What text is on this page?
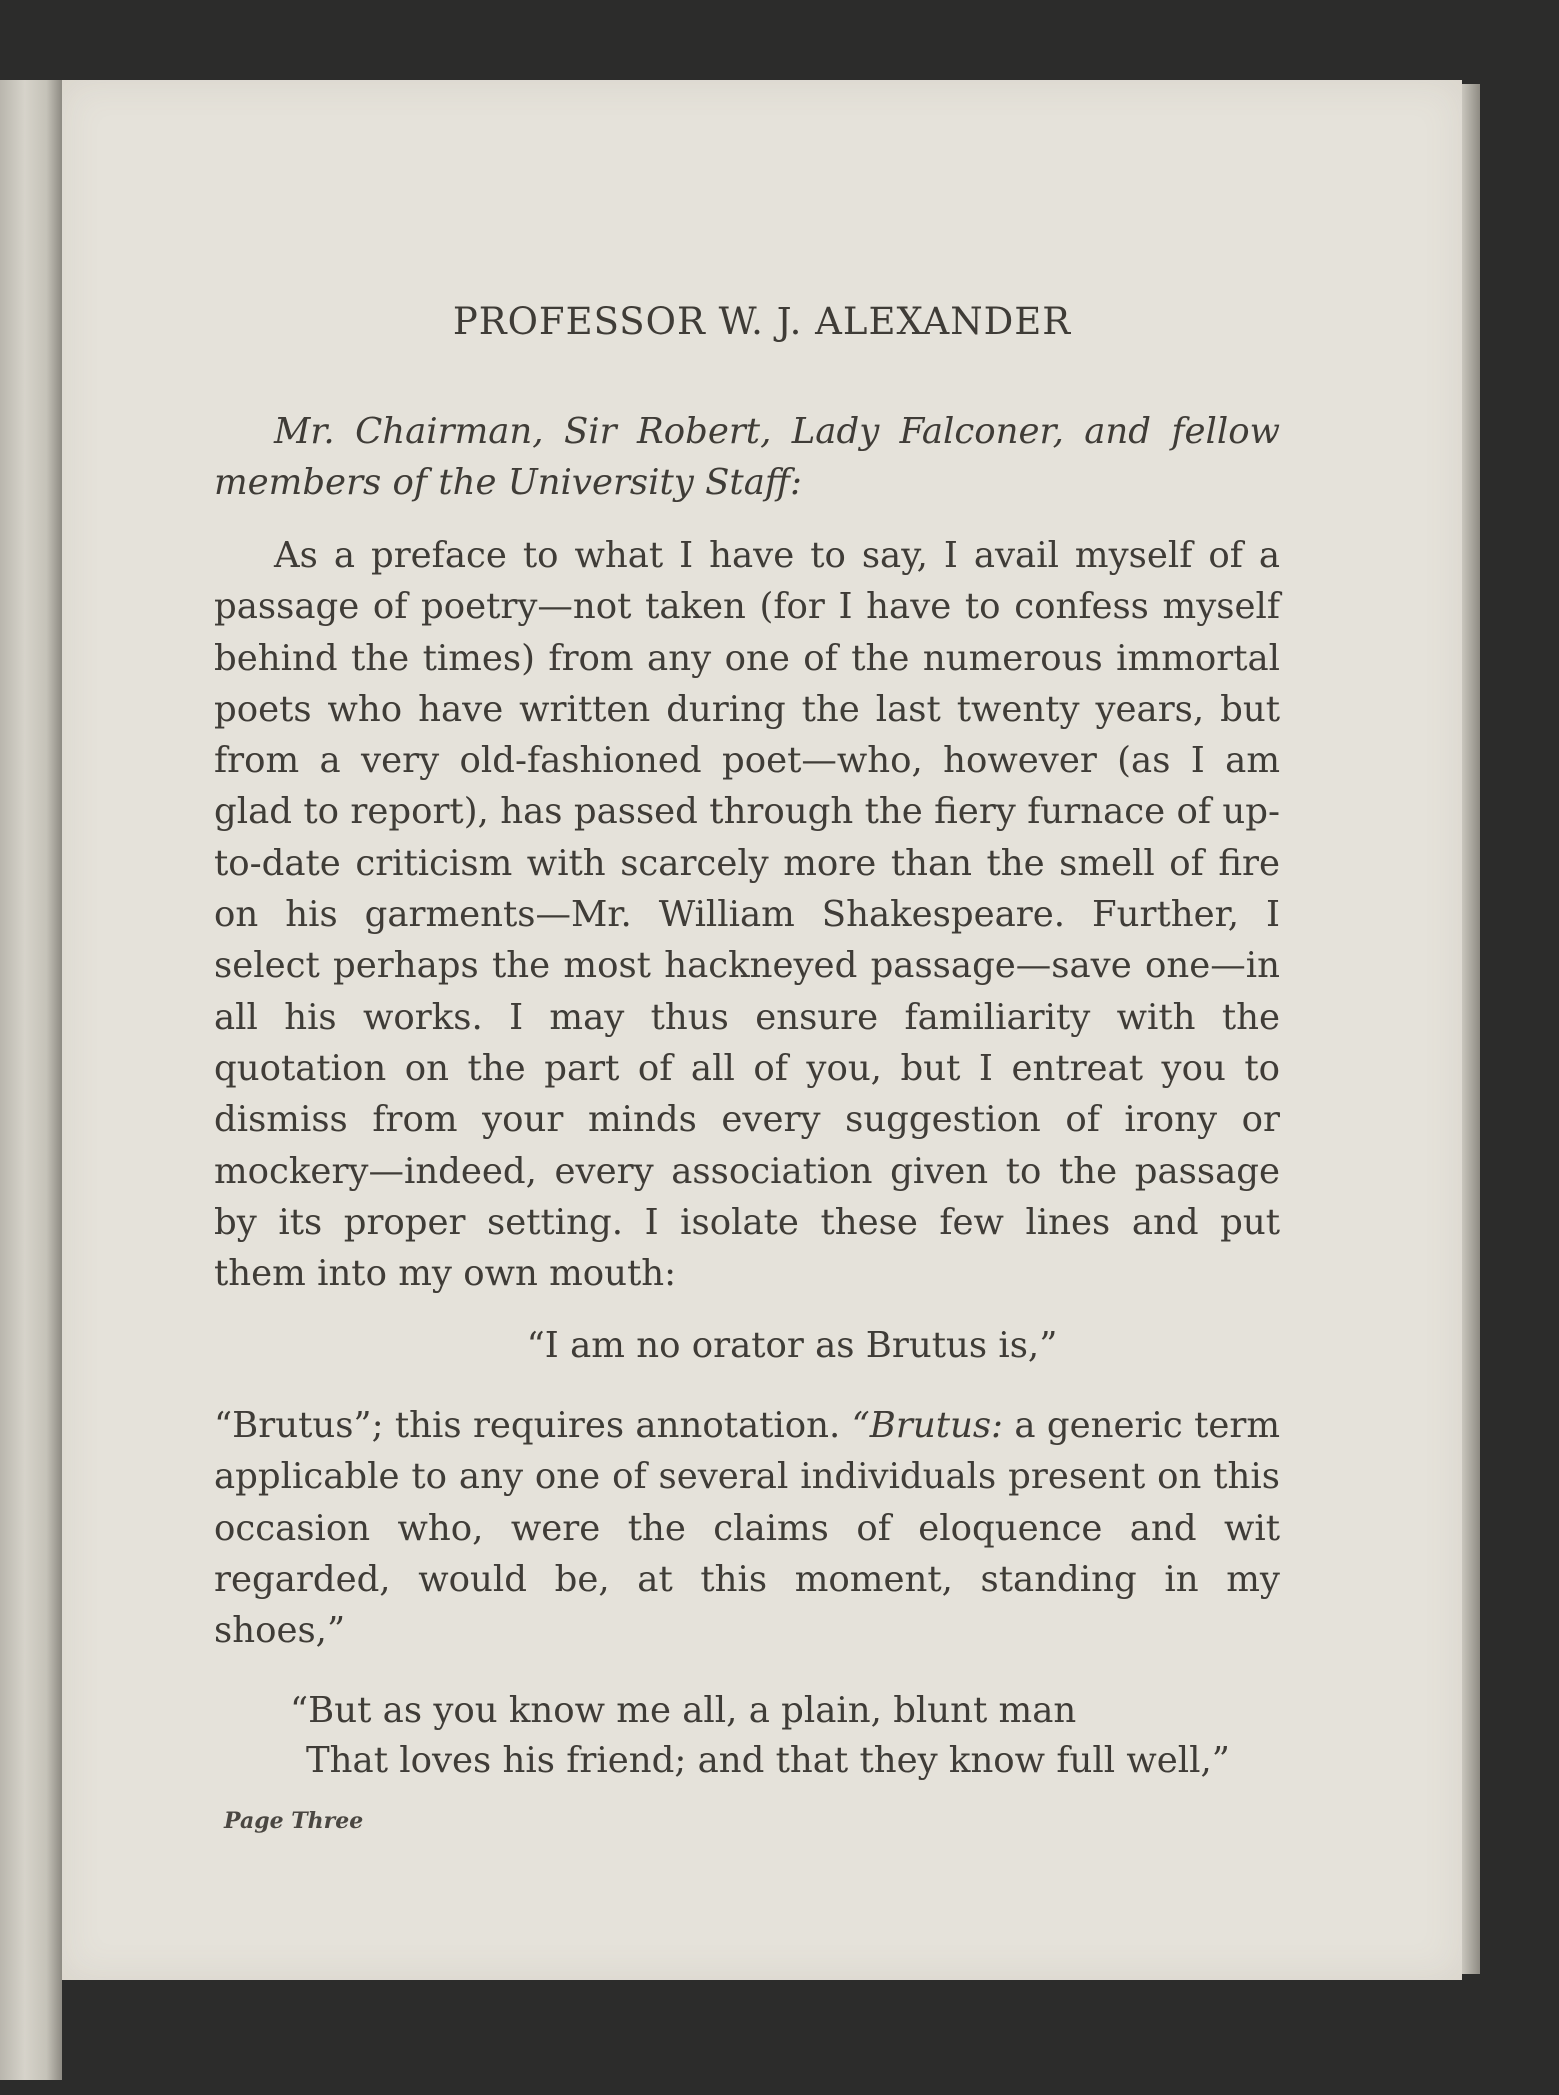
PROFESSOR W. J. ALEXANDER
Mr. Chairman, Sir Robert, Lady Falconer, and fellow members of the University Staff:
As a preface to what I have to say, I avail myself of a passage of poetry—not taken (for I have to confess myself behind the times) from any one of the numerous immortal poets who have written during the last twenty years, but from a very old-fashioned poet—who, however (as I am glad to report), has passed through the fiery furnace of up-to-date criticism with scarcely more than the smell of fire on his garments—Mr. William Shakespeare. Further, I select perhaps the most hackneyed passage—save one—in all his works. I may thus ensure familiarity with the quotation on the part of all of you, but I entreat you to dismiss from your minds every suggestion of irony or mockery—indeed, every association given to the passage by its proper setting. I isolate these few lines and put them into my own mouth:
“I am no orator as Brutus is,”
“Brutus”; this requires annotation. “Brutus: a generic term applicable to any one of several individuals present on this occasion who, were the claims of eloquence and wit regarded, would be, at this moment, standing in my shoes,”
“But as you know me all, a plain, blunt man
That loves his friend; and that they know full well,”
Page Three
